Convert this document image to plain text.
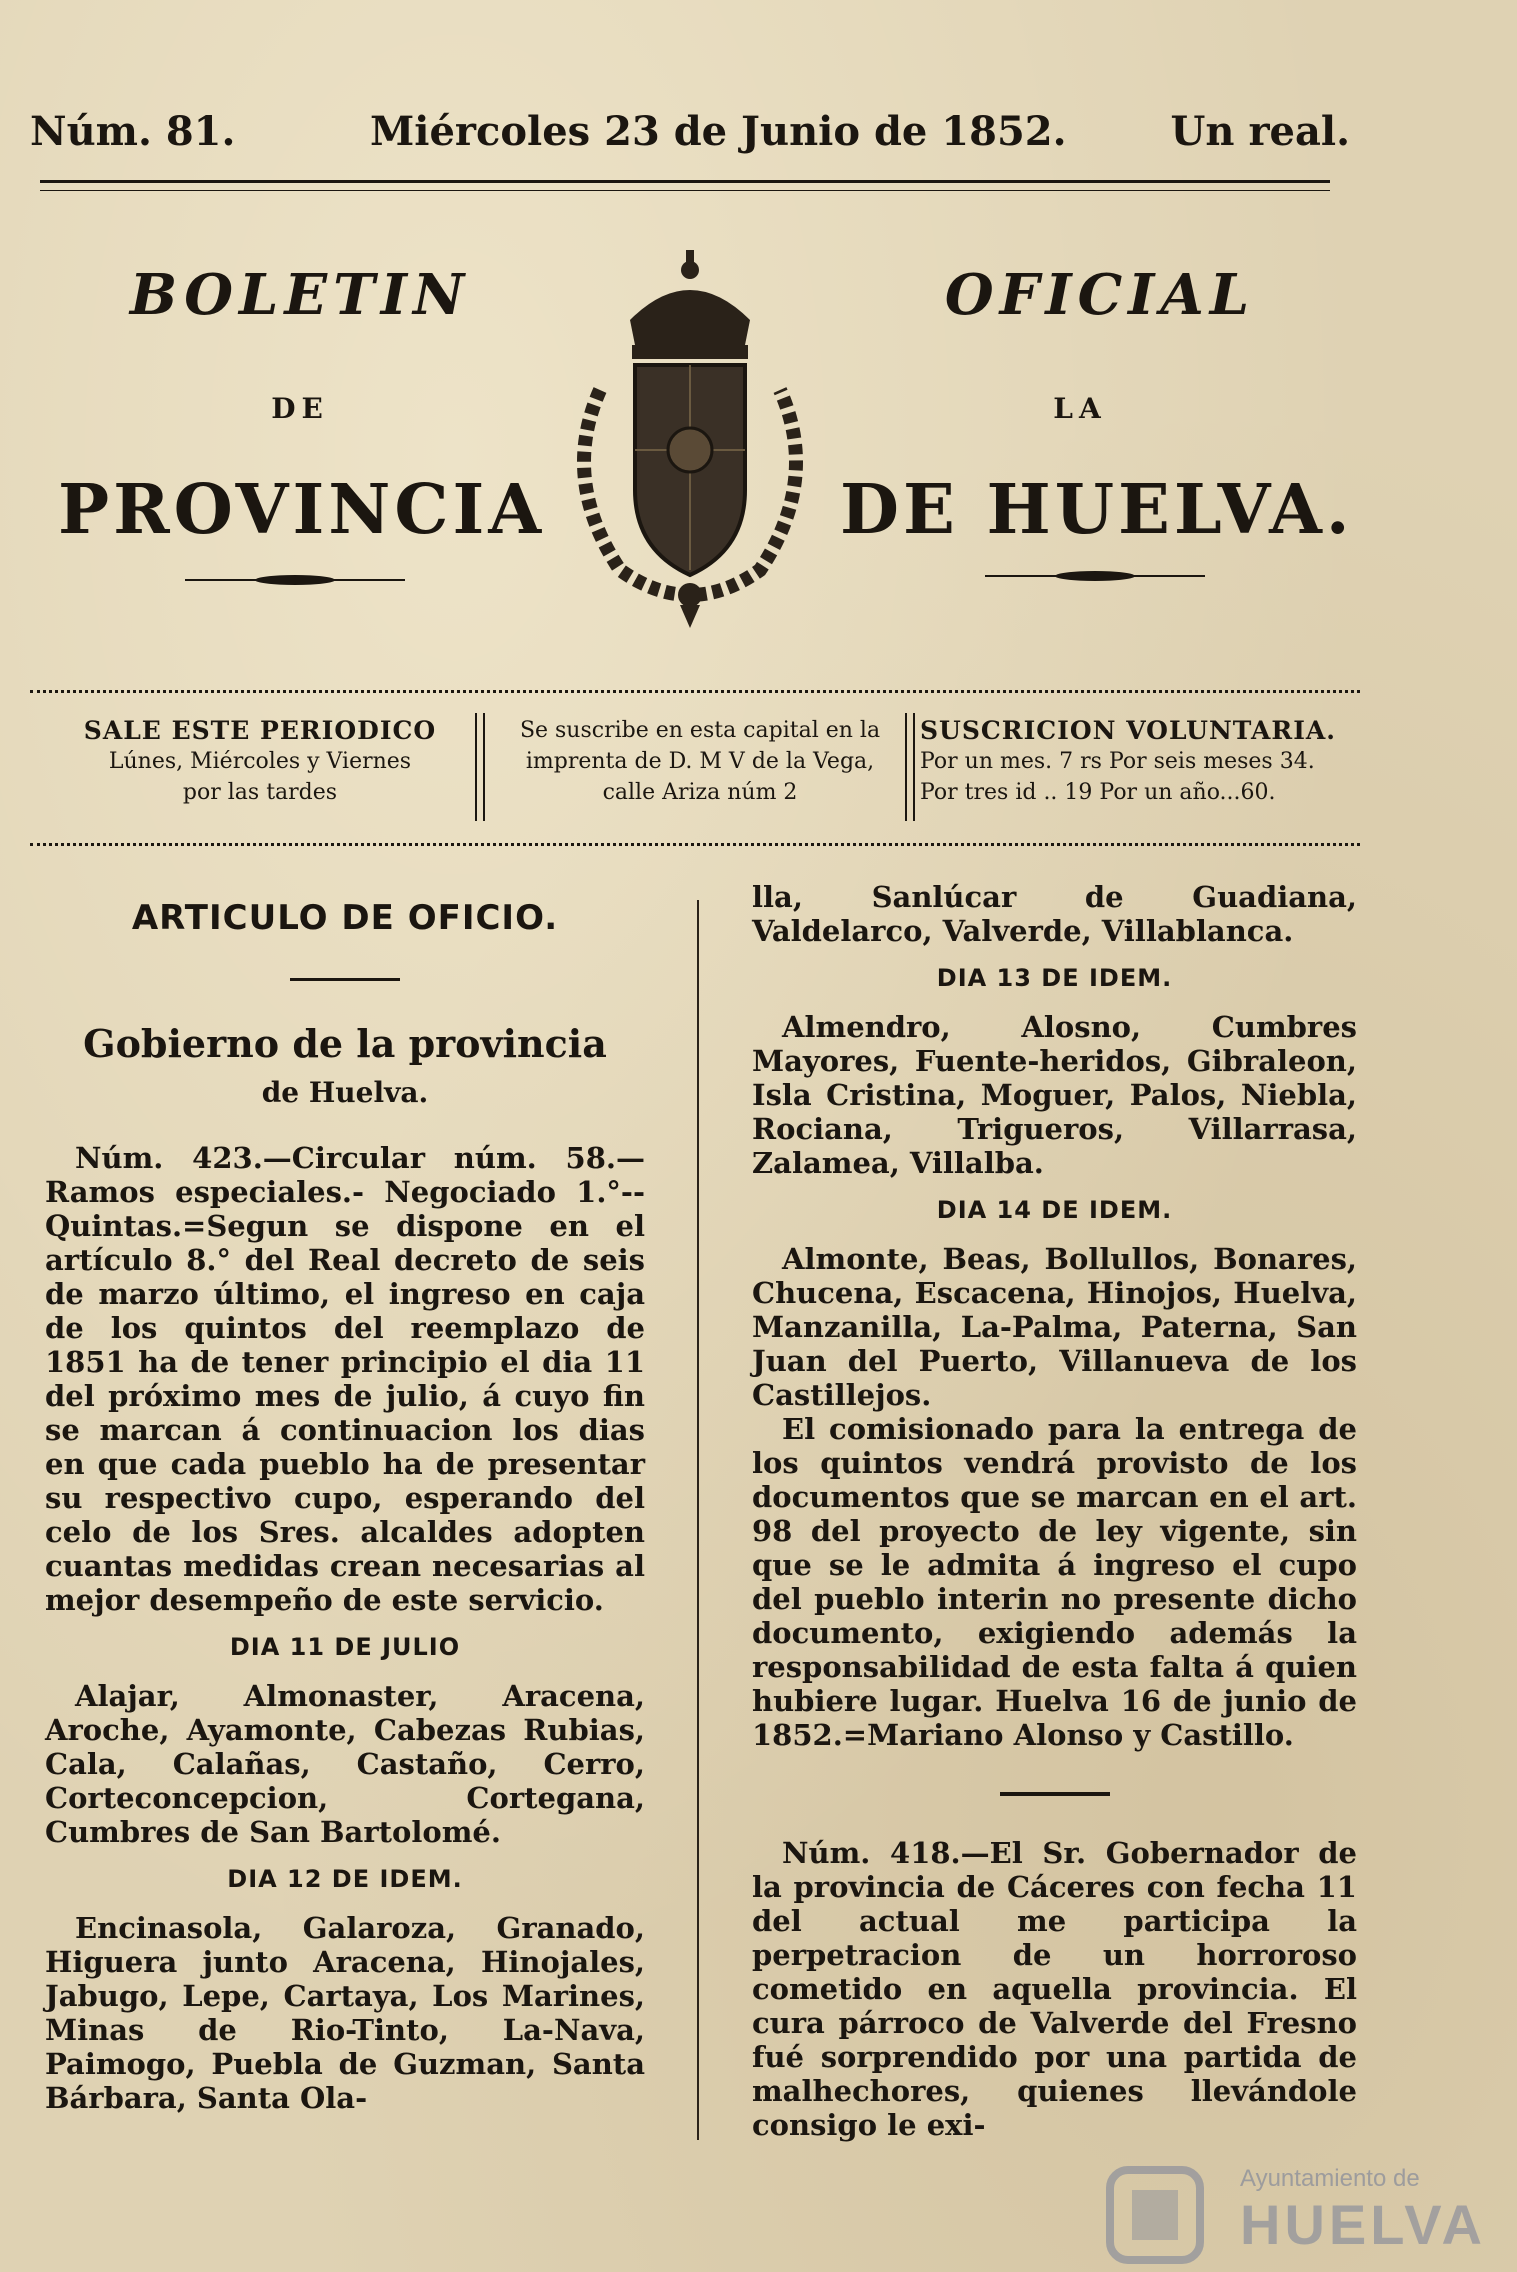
Núm. 81.	Miércoles 23 de Junio de 1852.	Un real.
BOLETIN	OFICIAL
DE	LA
PROVINCIA	DE HUELVA.
SALE ESTE PERIODICO
Lúnes, Miércoles y Viernes
por las tardes
Se suscribe en esta capital en la
imprenta de D. M V de la Vega,
calle Ariza núm 2
SUSCRICION VOLUNTARIA.
Por un mes. 7 rs Por seis meses 34.
Por tres id .. 19 Por un año...60.
ARTICULO DE OFICIO.
Gobierno de la provincia
de Huelva.

Núm. 423.—Circular núm. 58.—Ramos especiales.- Negociado 1.°--Quintas.=Segun se dispone en el artículo 8.° del Real decreto de seis de marzo último, el ingreso en caja de los quintos del reemplazo de 1851 ha de tener principio el dia 11 del próximo mes de julio, á cuyo fin se marcan á continuacion los dias en que cada pueblo ha de presentar su respectivo cupo, esperando del celo de los Sres. alcaldes adopten cuantas medidas crean necesarias al mejor desempeño de este servicio.

DIA 11 DE JULIO

Alajar, Almonaster, Aracena, Aroche, Ayamonte, Cabezas Rubias, Cala, Calañas, Castaño, Cerro, Corteconcepcion, Cortegana, Cumbres de San Bartolomé.

DIA 12 DE IDEM.

Encinasola, Galaroza, Granado, Higuera junto Aracena, Hinojales, Jabugo, Lepe, Cartaya, Los Marines, Minas de Rio-Tinto, La-Nava, Paimogo, Puebla de Guzman, Santa Bárbara, Santa Ola-

lla, Sanlúcar de Guadiana, Valdelarco, Valverde, Villablanca.

DIA 13 DE IDEM.

Almendro, Alosno, Cumbres Mayores, Fuente-heridos, Gibraleon, Isla Cristina, Moguer, Palos, Niebla, Rociana, Trigueros, Villarrasa, Zalamea, Villalba.

DIA 14 DE IDEM.

Almonte, Beas, Bollullos, Bonares, Chucena, Escacena, Hinojos, Huelva, Manzanilla, La-Palma, Paterna, San Juan del Puerto, Villanueva de los Castillejos.

El comisionado para la entrega de los quintos vendrá provisto de los documentos que se marcan en el art. 98 del proyecto de ley vigente, sin que se le admita á ingreso el cupo del pueblo interin no presente dicho documento, exigiendo además la responsabilidad de esta falta á quien hubiere lugar. Huelva 16 de junio de 1852.=Mariano Alonso y Castillo.

Núm. 418.—El Sr. Gobernador de la provincia de Cáceres con fecha 11 del actual me participa la perpetracion de un horroroso cometido en aquella provincia. El cura párroco de Valverde del Fresno fué sorprendido por una partida de malhechores, quienes llevándole consigo le exi-

Ayuntamiento de
HUELVA
